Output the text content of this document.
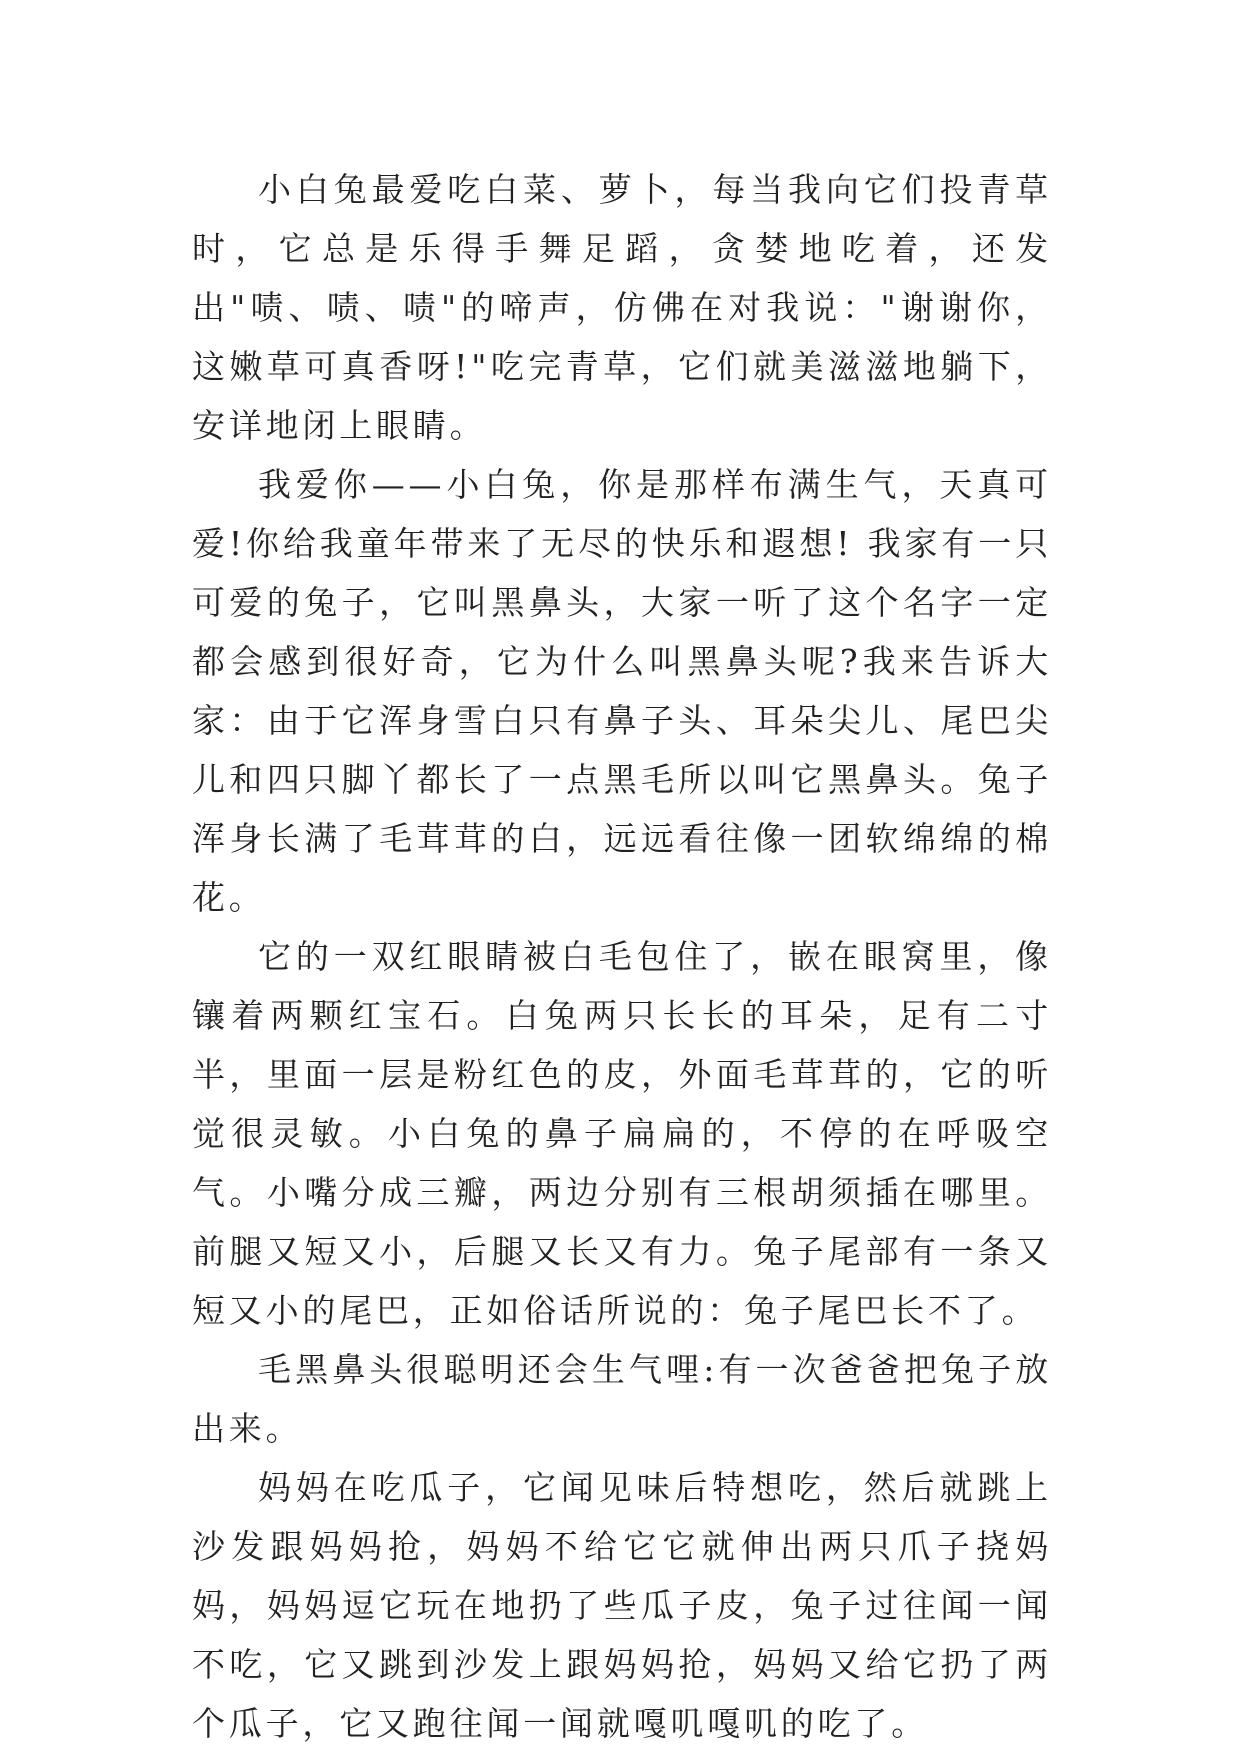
小白兔最爱吃白菜、萝卜，每当我向它们投青草时，它总是乐得手舞足蹈，贪婪地吃着，还发出"啧、啧、啧"的啼声，仿佛在对我说："谢谢你，这嫩草可真香呀!"吃完青草，它们就美滋滋地躺下，安详地闭上眼睛。

我爱你——小白兔，你是那样布满生气，天真可爱!你给我童年带来了无尽的快乐和遐想! 我家有一只可爱的兔子，它叫黑鼻头，大家一听了这个名字一定都会感到很好奇，它为什么叫黑鼻头呢?我来告诉大家：由于它浑身雪白只有鼻子头、耳朵尖儿、尾巴尖儿和四只脚丫都长了一点黑毛所以叫它黑鼻头。兔子浑身长满了毛茸茸的白，远远看往像一团软绵绵的棉花。

它的一双红眼睛被白毛包住了，嵌在眼窝里，像镶着两颗红宝石。白兔两只长长的耳朵，足有二寸半，里面一层是粉红色的皮，外面毛茸茸的，它的听觉很灵敏。小白兔的鼻子扁扁的，不停的在呼吸空气。小嘴分成三瓣，两边分别有三根胡须插在哪里。前腿又短又小，后腿又长又有力。兔子尾部有一条又短又小的尾巴，正如俗话所说的：兔子尾巴长不了。

毛黑鼻头很聪明还会生气哩:有一次爸爸把兔子放出来。

妈妈在吃瓜子，它闻见味后特想吃，然后就跳上沙发跟妈妈抢，妈妈不给它它就伸出两只爪子挠妈妈，妈妈逗它玩在地扔了些瓜子皮，兔子过往闻一闻不吃，它又跳到沙发上跟妈妈抢，妈妈又给它扔了两个瓜子，它又跑往闻一闻就嘎叽嘎叽的吃了。
